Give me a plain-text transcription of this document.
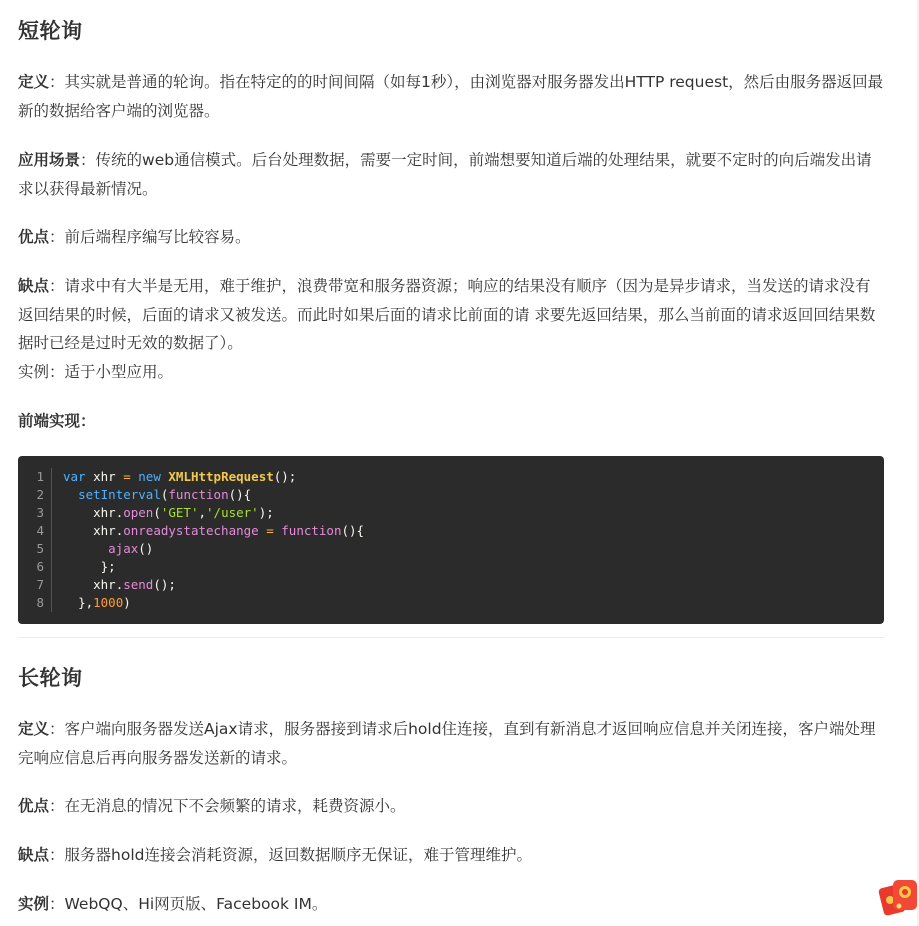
短轮询

定义：其实就是普通的轮询。指在特定的的时间间隔（如每1秒），由浏览器对服务器发出HTTP request，然后由服务器返回最新的数据给客户端的浏览器。

应用场景：传统的web通信模式。后台处理数据，需要一定时间，前端想要知道后端的处理结果，就要不定时的向后端发出请求以获得最新情况。

优点：前后端程序编写比较容易。

缺点：请求中有大半是无用，难于维护，浪费带宽和服务器资源；响应的结果没有顺序（因为是异步请求，当发送的请求没有返回结果的时候，后面的请求又被发送。而此时如果后面的请求比前面的请 求要先返回结果，那么当前面的请求返回回结果数据时已经是过时无效的数据了）。

实例：适于小型应用。

前端实现：

1
2
3
4
5
6
7
8
var xhr = new XMLHttpRequest();
setInterval(function(){
xhr.open('GET','/user');
xhr.onreadystatechange = function(){
ajax()
};
xhr.send();
},1000)
长轮询

定义：客户端向服务器发送Ajax请求，服务器接到请求后hold住连接，直到有新消息才返回响应信息并关闭连接，客户端处理完响应信息后再向服务器发送新的请求。

优点：在无消息的情况下不会频繁的请求，耗费资源小。

缺点：服务器hold连接会消耗资源，返回数据顺序无保证，难于管理维护。

实例：WebQQ、Hi网页版、Facebook IM。
